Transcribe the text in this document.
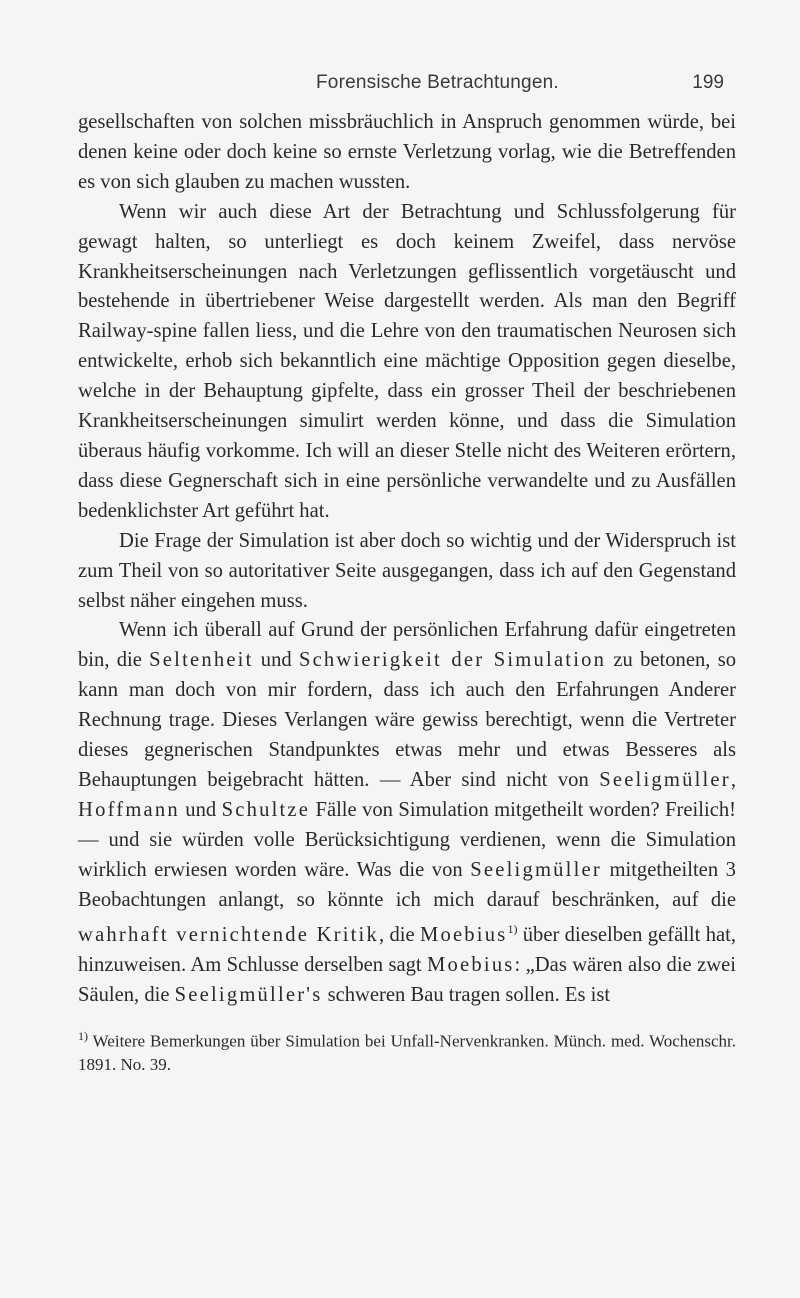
Forensische Betrachtungen.	199

gesellschaften von solchen missbräuchlich in Anspruch genommen würde, bei denen keine oder doch keine so ernste Verletzung vorlag, wie die Betreffenden es von sich glauben zu machen wussten.

Wenn wir auch diese Art der Betrachtung und Schlussfolgerung für gewagt halten, so unterliegt es doch keinem Zweifel, dass nervöse Krankheitserscheinungen nach Verletzungen geflissentlich vorgetäuscht und bestehende in übertriebener Weise dargestellt werden. Als man den Begriff Railway-spine fallen liess, und die Lehre von den traumatischen Neurosen sich entwickelte, erhob sich bekanntlich eine mächtige Opposition gegen dieselbe, welche in der Behauptung gipfelte, dass ein grosser Theil der beschriebenen Krankheitserscheinungen simulirt werden könne, und dass die Simulation überaus häufig vorkomme. Ich will an dieser Stelle nicht des Weiteren erörtern, dass diese Gegnerschaft sich in eine persönliche verwandelte und zu Ausfällen bedenklichster Art geführt hat.

Die Frage der Simulation ist aber doch so wichtig und der Widerspruch ist zum Theil von so autoritativer Seite ausgegangen, dass ich auf den Gegenstand selbst näher eingehen muss.

Wenn ich überall auf Grund der persönlichen Erfahrung dafür eingetreten bin, die Seltenheit und Schwierigkeit der Simulation zu betonen, so kann man doch von mir fordern, dass ich auch den Erfahrungen Anderer Rechnung trage. Dieses Verlangen wäre gewiss berechtigt, wenn die Vertreter dieses gegnerischen Standpunktes etwas mehr und etwas Besseres als Behauptungen beigebracht hätten. — Aber sind nicht von Seeligmüller, Hoffmann und Schultze Fälle von Simulation mitgetheilt worden? Freilich! — und sie würden volle Berücksichtigung verdienen, wenn die Simulation wirklich erwiesen worden wäre. Was die von Seeligmüller mitgetheilten 3 Beobachtungen anlangt, so könnte ich mich darauf beschränken, auf die wahrhaft vernichtende Kritik, die Moebius$^{1)}$ über dieselben gefällt hat, hinzuweisen. Am Schlusse derselben sagt Moebius: „Das wären also die zwei Säulen, die Seeligmüller's schweren Bau tragen sollen. Es ist

$^{1)}$ Weitere Bemerkungen über Simulation bei Unfall-Nervenkranken. Münch. med. Wochenschr. 1891. No. 39.
